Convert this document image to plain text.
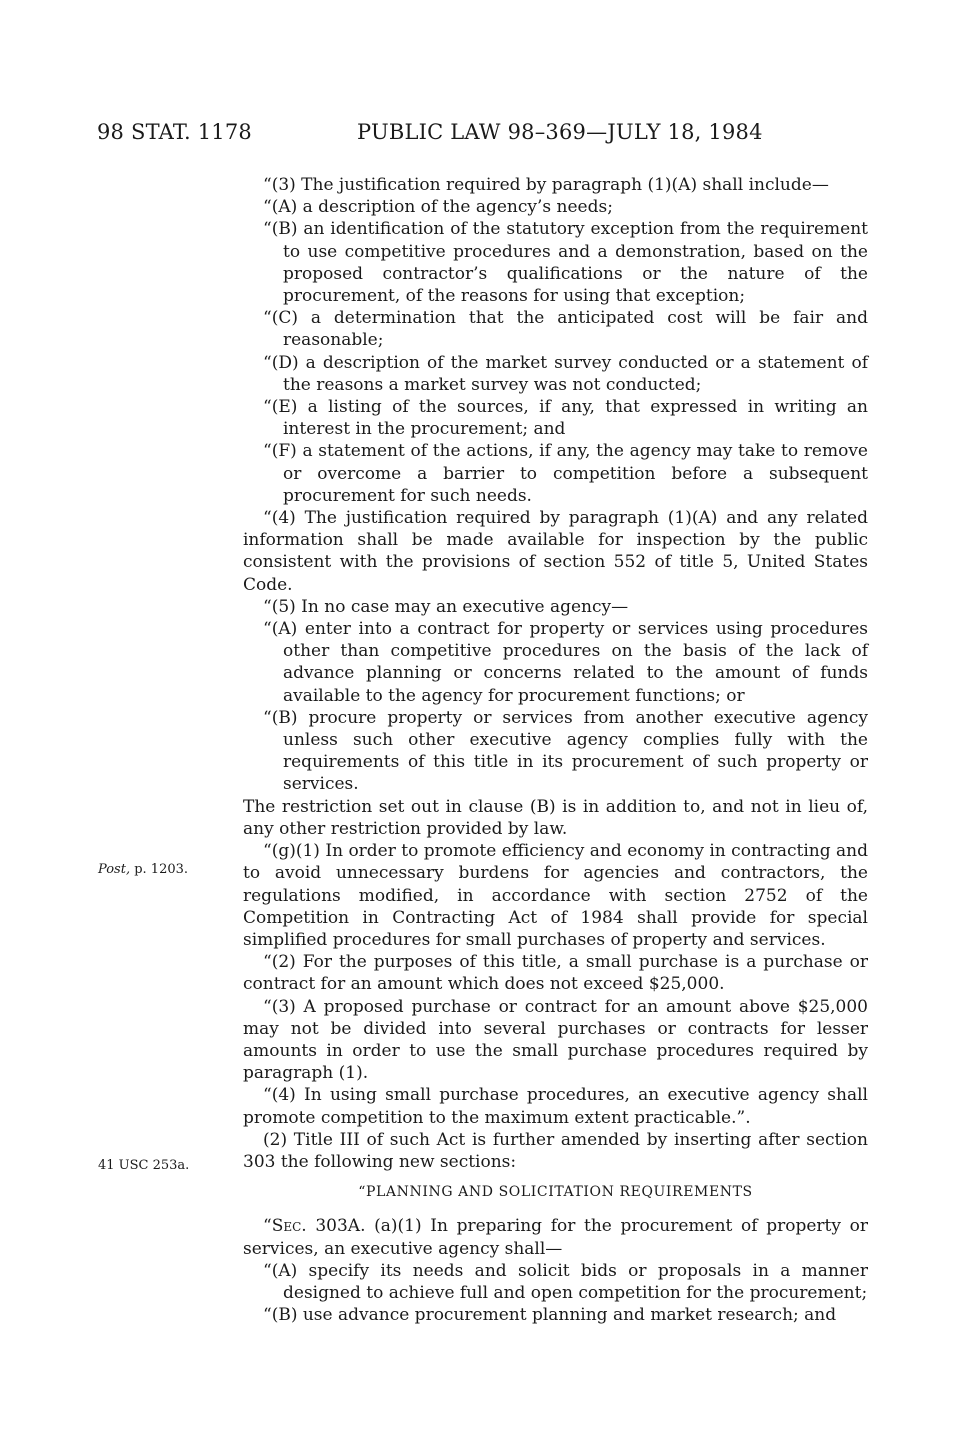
98 STAT. 1178	PUBLIC LAW 98–369—JULY 18, 1984
Post, p. 1203.
41 USC 253a.

“(3) The justification required by paragraph (1)(A) shall include—

“(A) a description of the agency’s needs;

“(B) an identification of the statutory exception from the requirement to use competitive procedures and a demonstration, based on the proposed contractor’s qualifications or the nature of the procurement, of the reasons for using that exception;

“(C) a determination that the anticipated cost will be fair and reasonable;

“(D) a description of the market survey conducted or a statement of the reasons a market survey was not conducted;

“(E) a listing of the sources, if any, that expressed in writing an interest in the procurement; and

“(F) a statement of the actions, if any, the agency may take to remove or overcome a barrier to competition before a subsequent procurement for such needs.

“(4) The justification required by paragraph (1)(A) and any related information shall be made available for inspection by the public consistent with the provisions of section 552 of title 5, United States Code.

“(5) In no case may an executive agency—

“(A) enter into a contract for property or services using procedures other than competitive procedures on the basis of the lack of advance planning or concerns related to the amount of funds available to the agency for procurement functions; or

“(B) procure property or services from another executive agency unless such other executive agency complies fully with the requirements of this title in its procurement of such property or services.

The restriction set out in clause (B) is in addition to, and not in lieu of, any other restriction provided by law.

“(g)(1) In order to promote efficiency and economy in contracting and to avoid unnecessary burdens for agencies and contractors, the regulations modified, in accordance with section 2752 of the Competition in Contracting Act of 1984 shall provide for special simplified procedures for small purchases of property and services.

“(2) For the purposes of this title, a small purchase is a purchase or contract for an amount which does not exceed $25,000.

“(3) A proposed purchase or contract for an amount above $25,000 may not be divided into several purchases or contracts for lesser amounts in order to use the small purchase procedures required by paragraph (1).

“(4) In using small purchase procedures, an executive agency shall promote competition to the maximum extent practicable.”.

(2) Title III of such Act is further amended by inserting after section 303 the following new sections:

“PLANNING AND SOLICITATION REQUIREMENTS

“Sec. 303A. (a)(1) In preparing for the procurement of property or services, an executive agency shall—

“(A) specify its needs and solicit bids or proposals in a manner designed to achieve full and open competition for the procurement;

“(B) use advance procurement planning and market research; and
